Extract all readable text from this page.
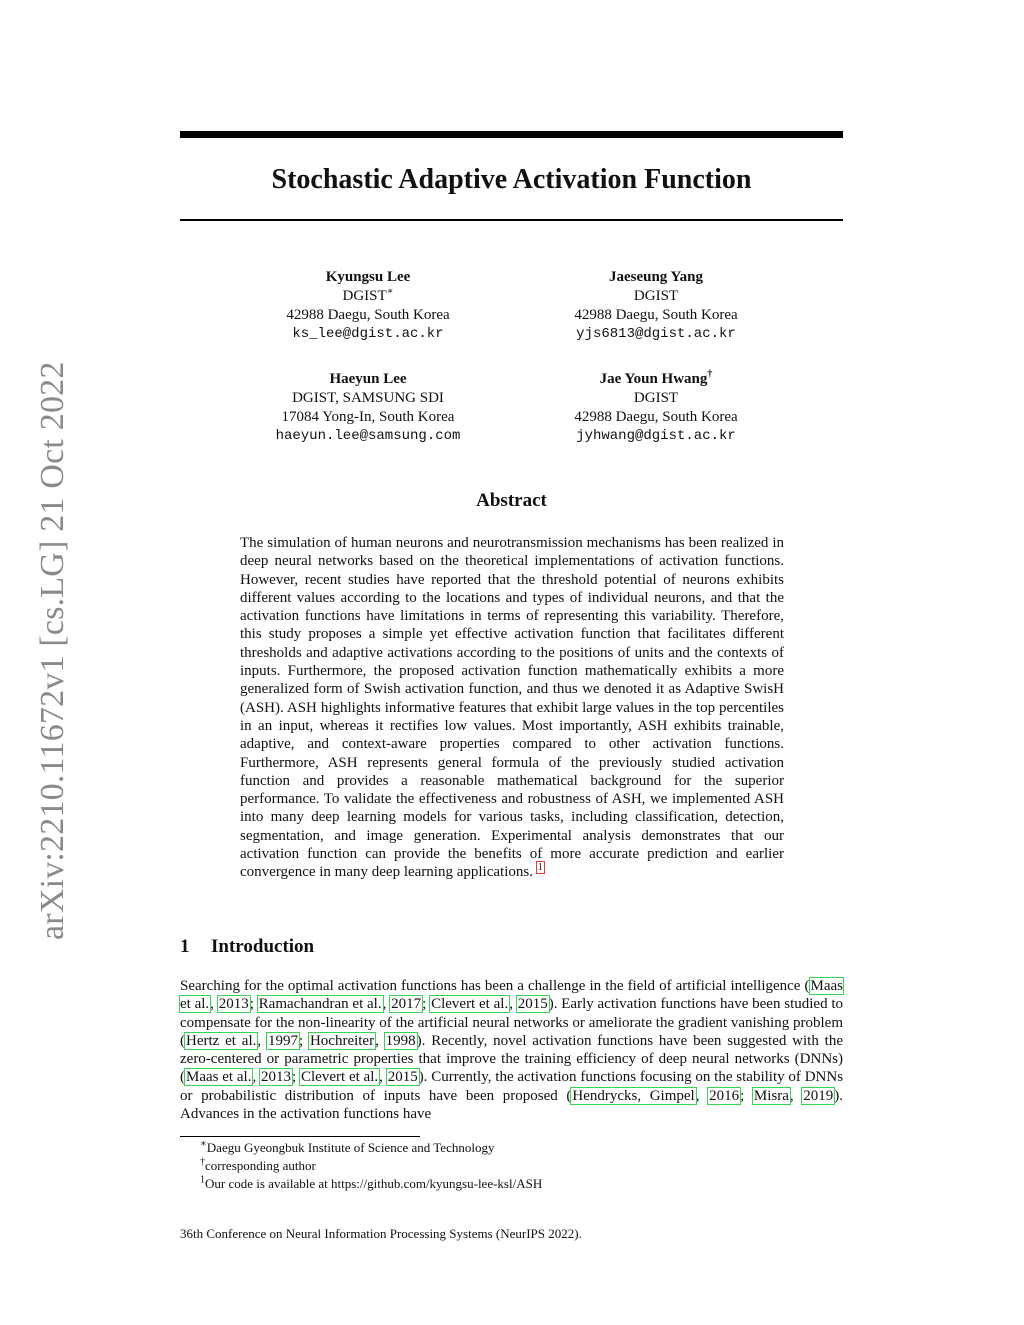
arXiv:2210.11672v1 [cs.LG] 21 Oct 2022
Stochastic Adaptive Activation Function
Kyungsu Lee
DGIST∗
42988 Daegu, South Korea
ks_lee@dgist.ac.kr
Jaeseung Yang
DGIST
42988 Daegu, South Korea
yjs6813@dgist.ac.kr
Haeyun Lee
DGIST, SAMSUNG SDI
17084 Yong-In, South Korea
haeyun.lee@samsung.com
Jae Youn Hwang†
DGIST
42988 Daegu, South Korea
jyhwang@dgist.ac.kr
Abstract
The simulation of human neurons and neurotransmission mechanisms has been realized in deep neural networks based on the theoretical implementations of activation functions. However, recent studies have reported that the threshold potential of neurons exhibits different values according to the locations and types of individual neurons, and that the activation functions have limitations in terms of representing this variability. Therefore, this study proposes a simple yet effective activation function that facilitates different thresholds and adaptive activations according to the positions of units and the contexts of inputs. Furthermore, the proposed activation function mathematically exhibits a more generalized form of Swish activation function, and thus we denoted it as Adaptive SwisH (ASH). ASH highlights informative features that exhibit large values in the top percentiles in an input, whereas it rectifies low values. Most importantly, ASH exhibits trainable, adaptive, and context-aware properties compared to other activation functions. Furthermore, ASH represents general formula of the previously studied activation function and provides a reasonable mathematical background for the superior performance. To validate the effectiveness and robustness of ASH, we implemented ASH into many deep learning models for various tasks, including classification, detection, segmentation, and image generation. Experimental analysis demonstrates that our activation function can provide the benefits of more accurate prediction and earlier convergence in many deep learning applications. $^1$
1 Introduction
Searching for the optimal activation functions has been a challenge in the field of artificial intelligence (Maas et al., 2013; Ramachandran et al., 2017; Clevert et al., 2015). Early activation functions have been studied to compensate for the non-linearity of the artificial neural networks or ameliorate the gradient vanishing problem (Hertz et al., 1997; Hochreiter, 1998). Recently, novel activation functions have been suggested with the zero-centered or parametric properties that improve the training efficiency of deep neural networks (DNNs) (Maas et al., 2013; Clevert et al., 2015). Currently, the activation functions focusing on the stability of DNNs or probabilistic distribution of inputs have been proposed (Hendrycks, Gimpel, 2016; Misra, 2019). Advances in the activation functions have
∗Daegu Gyeongbuk Institute of Science and Technology
†corresponding author
$^1$Our code is available at https://github.com/kyungsu-lee-ksl/ASH
36th Conference on Neural Information Processing Systems (NeurIPS 2022).
